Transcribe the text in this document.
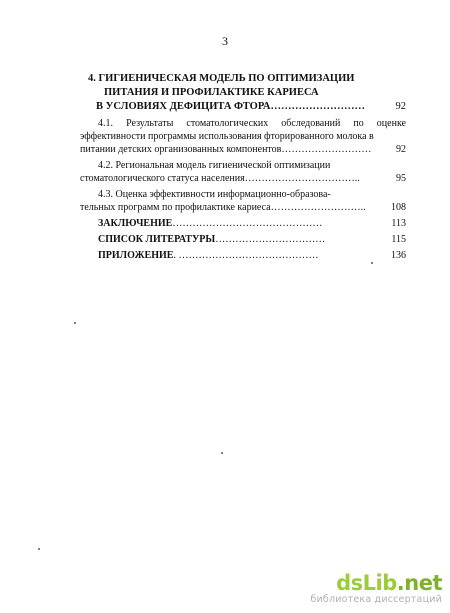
3
4. ГИГИЕНИЧЕСКАЯ МОДЕЛЬ ПО ОПТИМИЗАЦИИ
ПИТАНИЯ И ПРОФИЛАКТИКЕ КАРИЕСА
В УСЛОВИЯХ ДЕФИЦИТА ФТОРА………………………	92
4.1. Результаты стоматологических обследований по оценке эффективности программы использования фторированного молока в
питании детских организованных компонентов………………………	92
4.2. Региональная модель гигиенической оптимизации
стоматологического статуса населения……………………………..	95
4.3. Оценка эффективности информационно-образова-
тельных программ по профилактике кариеса………………………..	108
ЗАКЛЮЧЕНИЕ ………………………………………	113
СПИСОК ЛИТЕРАТУРЫ ……………………………	115
ПРИЛОЖЕНИЕ . ……………………………………	136
dsLib.net
библиотека диссертаций
